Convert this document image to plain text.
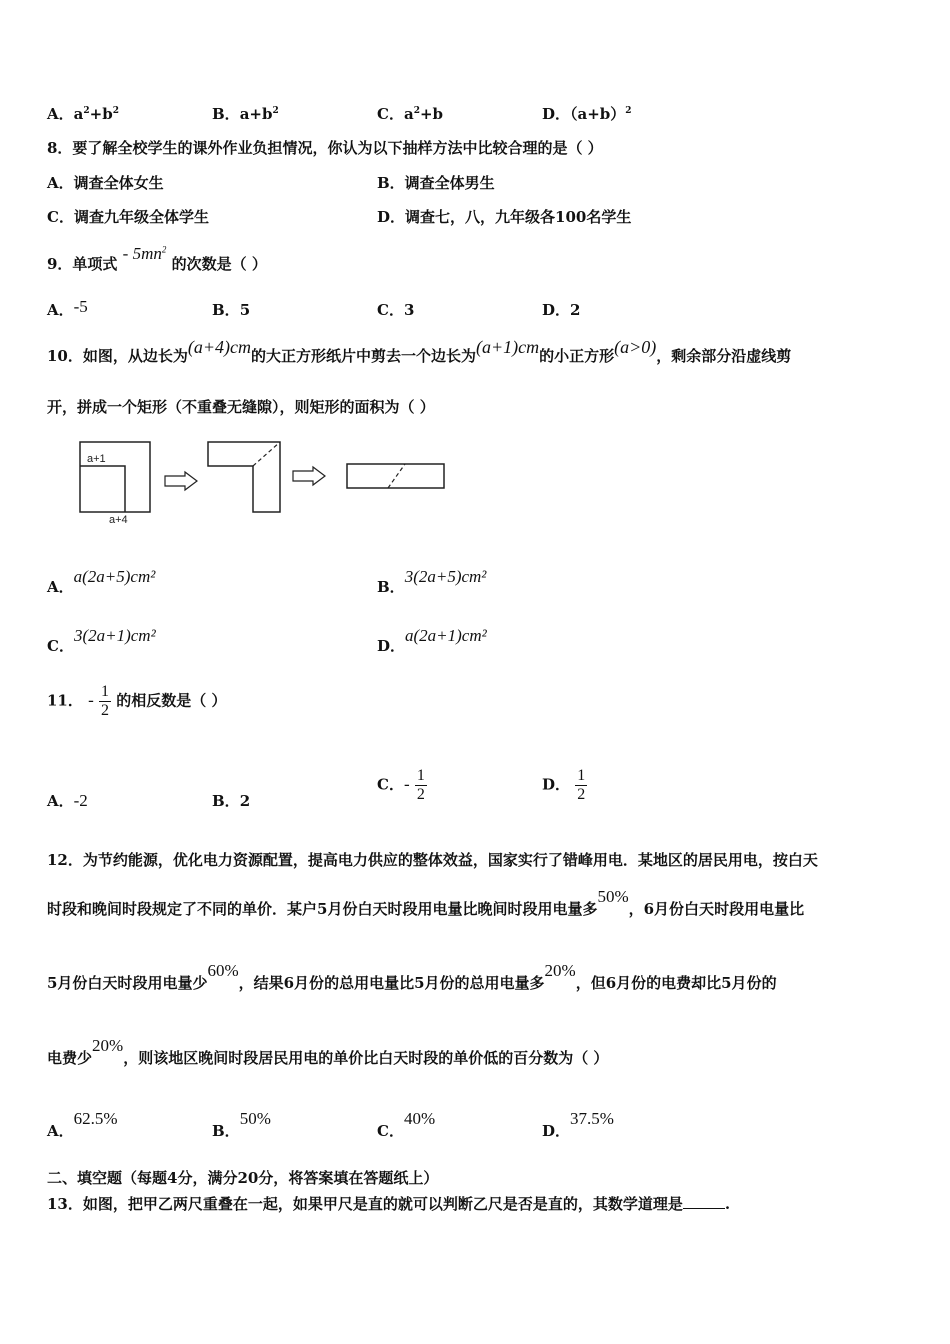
A．$a^2+b^2$	B．$a+b^2$	C．$a^2+b$	D．$(a+b)^2$
8．要了解全校学生的课外作业负担情况，你认为以下抽样方法中比较合理的是（ ）
A．调查全体女生	B．调查全体男生
C．调查九年级全体学生	D．调查七，八，九年级各100名学生
9．单项式 - $5mn^2$ 的次数是（ ）
A．-5	B．5	C．3	D．2
10．如图，从边长为(a+4)cm的大正方形纸片中剪去一个边长为(a+1)cm的小正方形(a>0)，剩余部分沿虚线剪
开，拼成一个矩形（不重叠无缝隙），则矩形的面积为（ ）
a+1
a+4
A．a(2a+5)cm²
B．3(2a+5)cm²
C．3(2a+1)cm²
D．a(2a+1)cm²
11． - $\frac{1}{2}$ 的相反数是（ ）
A．-2	B．2
C．- $\frac{1}{2}$	D． $\frac{1}{2}$
12．为节约能源，优化电力资源配置，提高电力供应的整体效益，国家实行了错峰用电．某地区的居民用电，按白天
时段和晚间时段规定了不同的单价．某户5月份白天时段用电量比晚间时段用电量多50%，6月份白天时段用电量比
5月份白天时段用电量少60%，结果6月份的总用电量比5月份的总用电量多20%，但6月份的电费却比5月份的
电费少20%，则该地区晚间时段居民用电的单价比白天时段的单价低的百分数为（ ）
A．62.5%
B．50%
C．40%
D．37.5%
二、填空题（每题4分，满分20分，将答案填在答题纸上）
13．如图，把甲乙两尺重叠在一起，如果甲尺是直的就可以判断乙尺是否是直的，其数学道理是	.
